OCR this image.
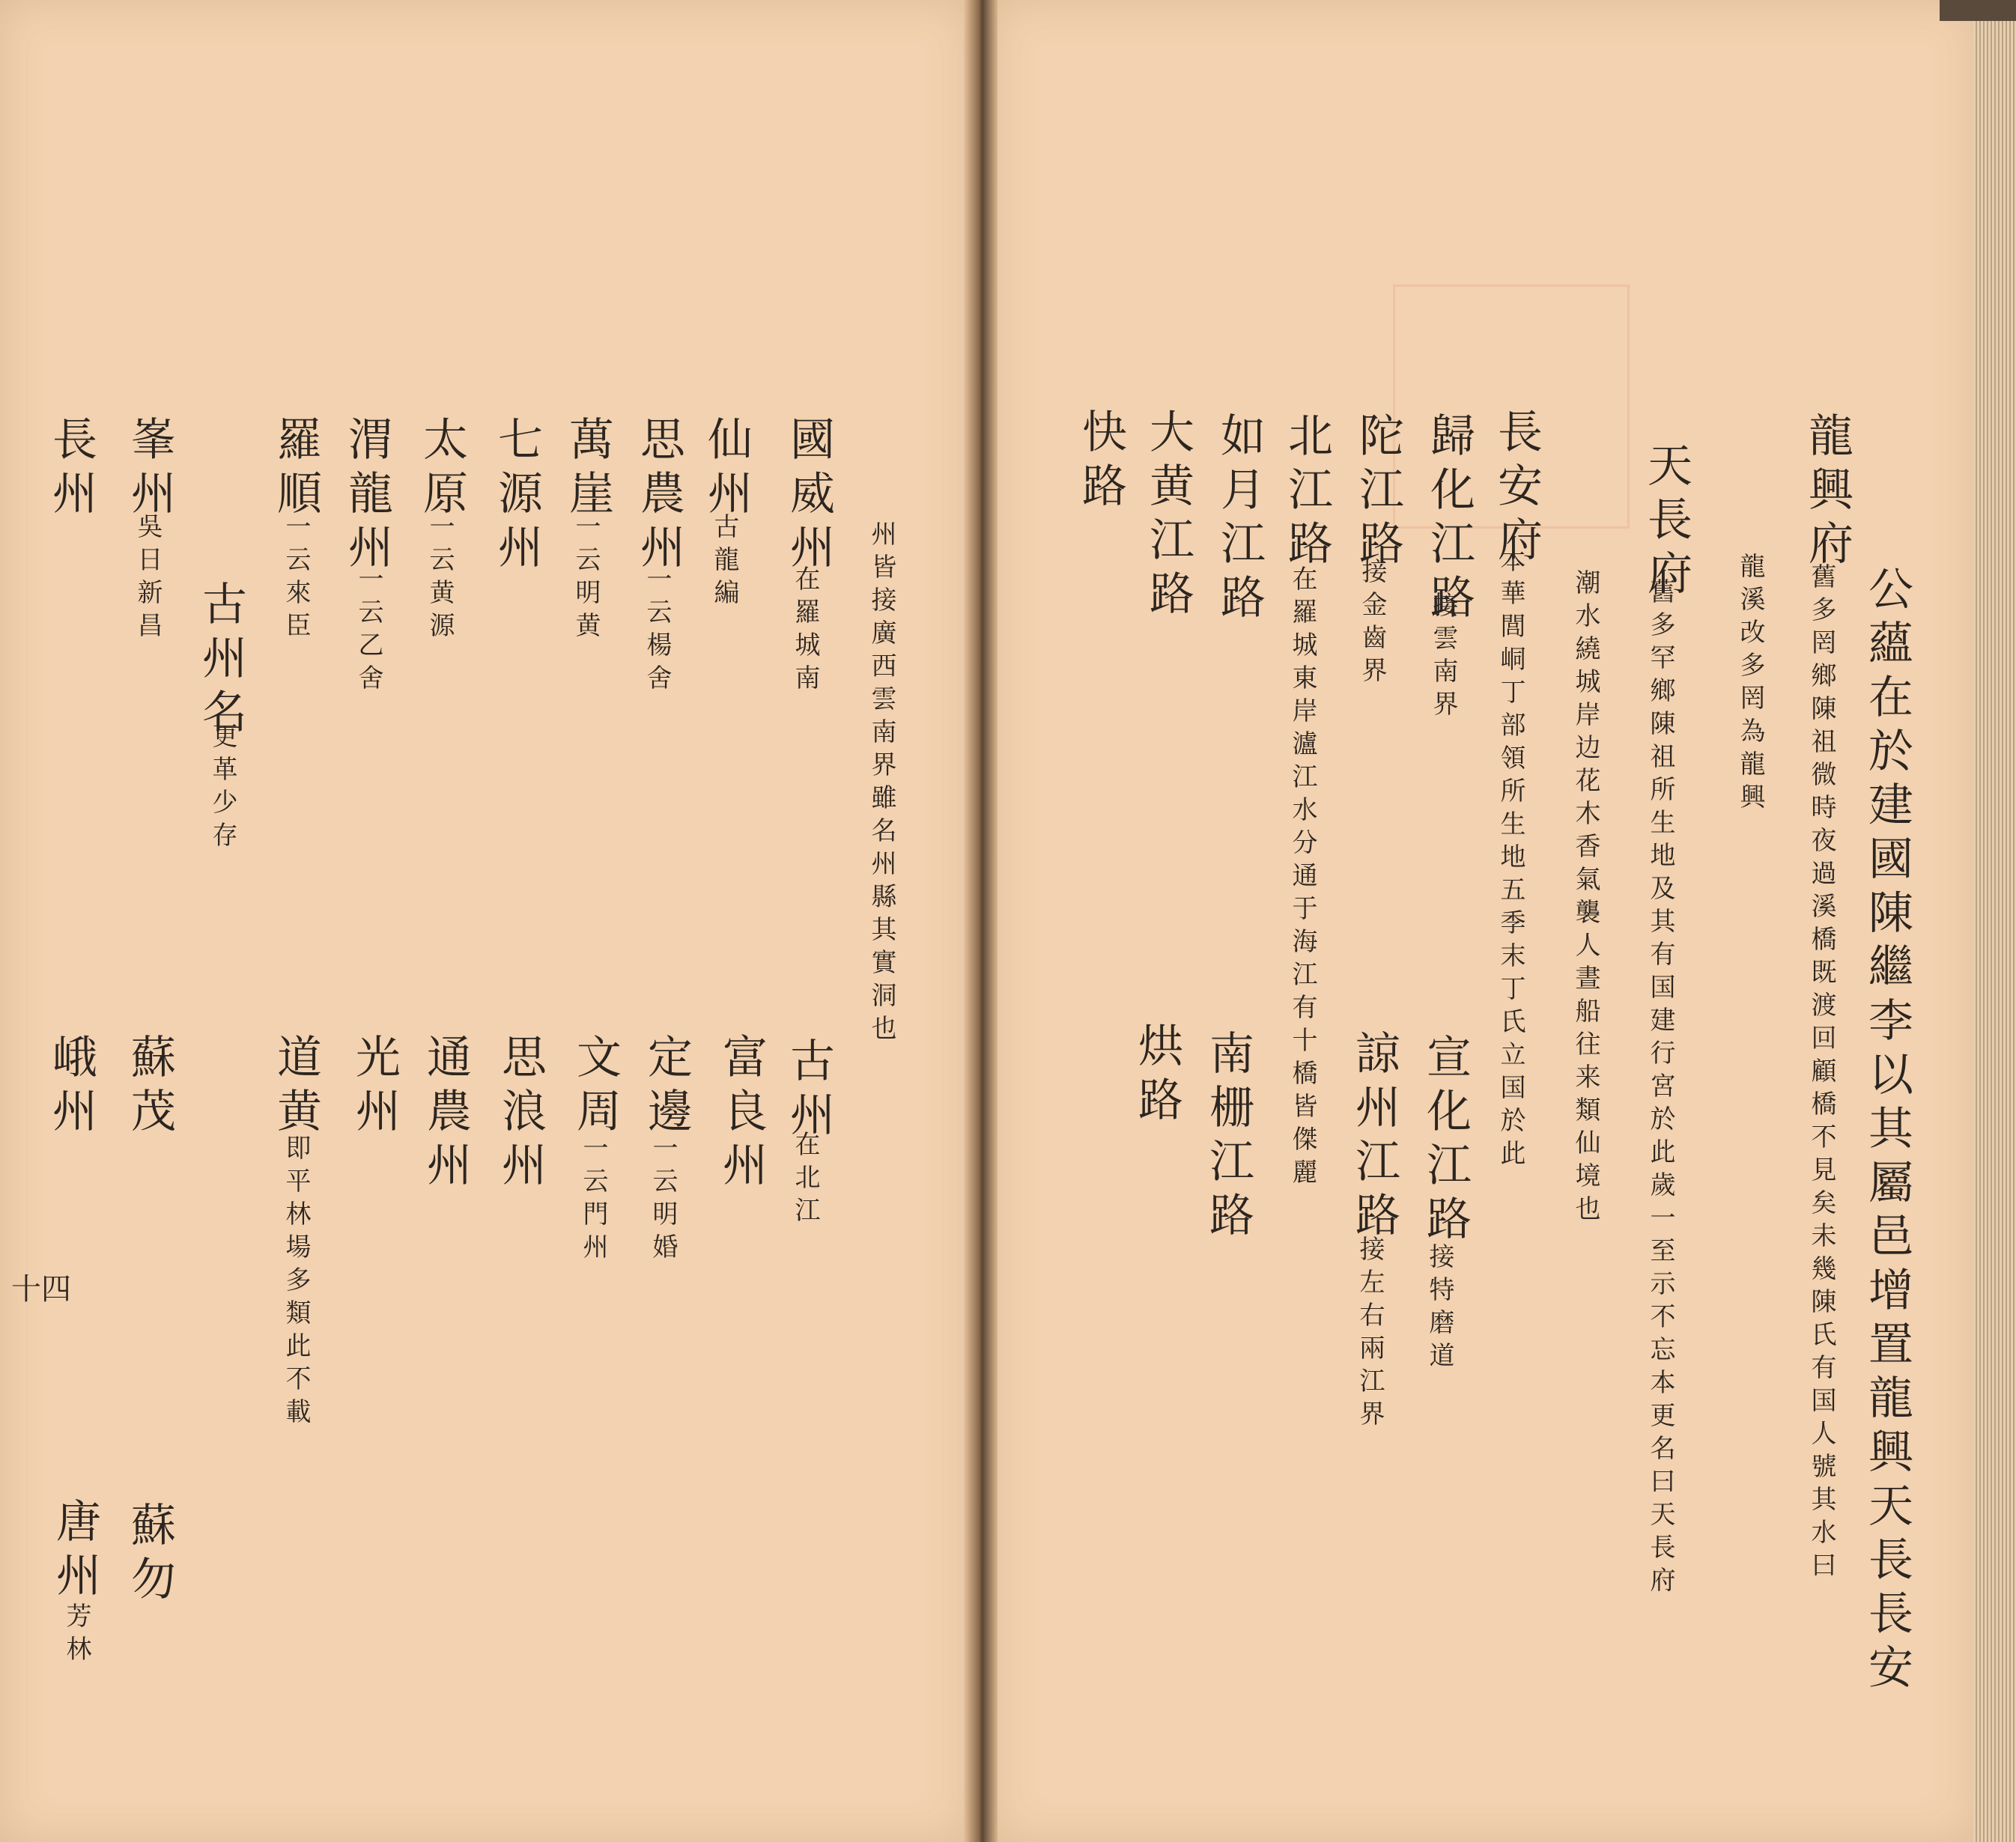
公蘊在於建國陳繼李以其屬邑增置龍興天長長安
龍興府
舊多罔鄉陳祖微時夜過溪橋既渡回顧橋不見矣未幾陳氏有国人號其水曰
龍溪改多罔為龍興
天長府
舊多罕鄉陳祖所生地及其有国建行宮於此歲一至示不忘本更名曰天長府
潮水繞城岸边花木香氣襲人晝船往来類仙境也
長安府
本華閭峒丁部領所生地五季末丁氏立国於此
歸化江路
接雲南界
宣化江路
接特磨道
陀江路
接金齒界
諒州江路
接左右兩江界
北江路
在羅城東岸瀘江水分通于海江有十橋皆傑麗
如月江路
南栅江路
大黄江路
烘路
快路
州皆接廣西雲南界雖名州縣其實洞也
國威州
在羅城南
古州
在北江
仙州
古龍編
富良州
思農州
一云楊舍
定邊
一云明婚
萬崖
一云明黄
文周
一云門州
七源州
思浪州
太原
一云黄源
通農州
渭龍州
一云乙舍
光州
羅順
一云來臣
道黄
即平林場多類此不載
古州名
更革少存
峯州
吳日新昌
蘇茂
蘇勿
長州
峨州
唐州
芳林
十四
